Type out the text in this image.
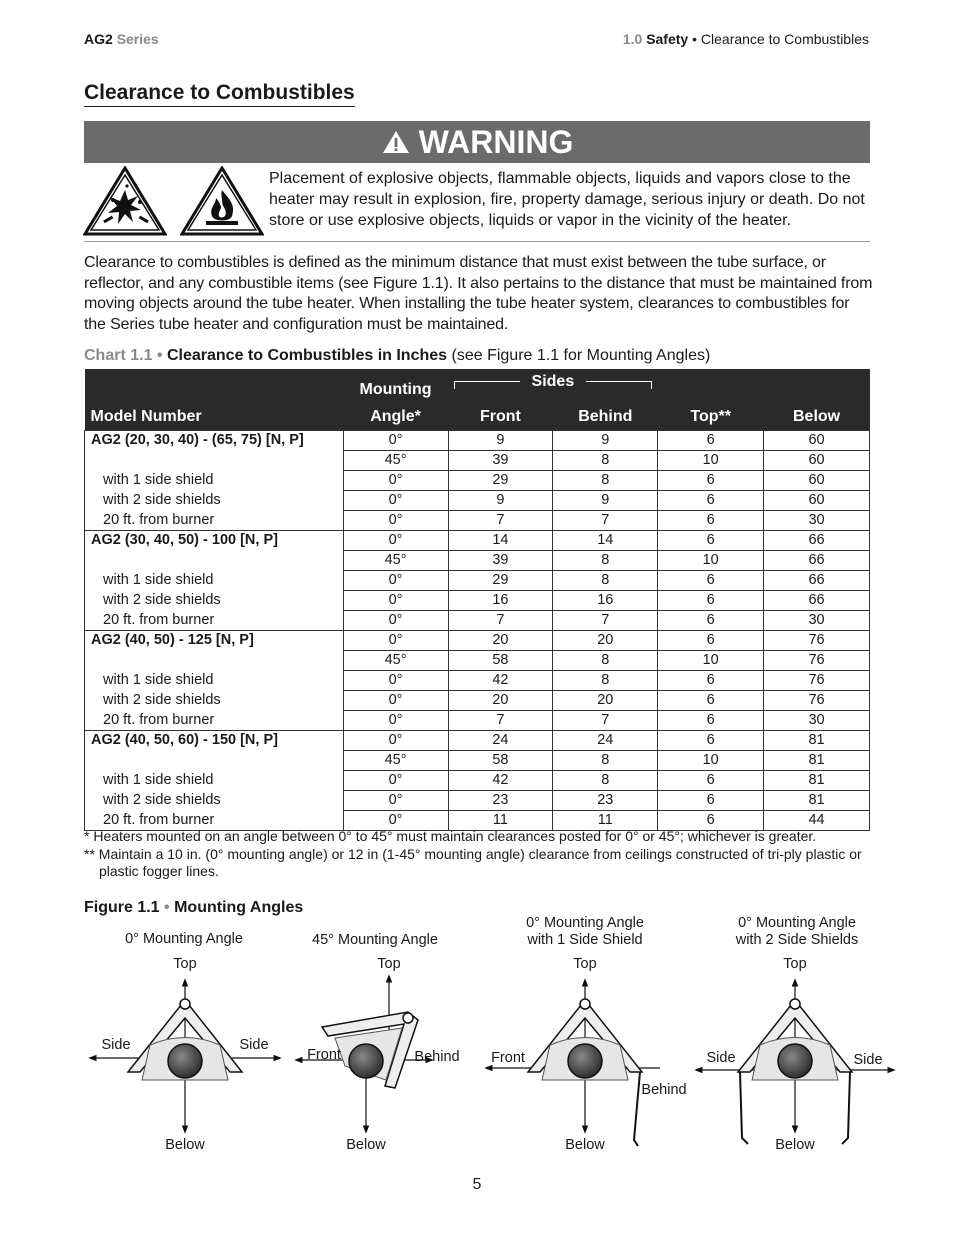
AG2 Series	1.0 Safety • Clearance to Combustibles
Clearance to Combustibles
WARNING
Placement of explosive objects, flammable objects, liquids and vapors close to the heater may result in explosion, fire, property damage, serious injury or death. Do not store or use explosive objects, liquids or vapor in the vicinity of the heater.
Clearance to combustibles is defined as the minimum distance that must exist between the tube surface, or reflector, and any combustible items (see Figure 1.1). It also pertains to the distance that must be maintained from moving objects around the tube heater. When installing the tube heater system, clearances to combustibles for the Series tube heater and configuration must be maintained.
Chart 1.1 • Clearance to Combustibles in Inches (see Figure 1.1 for Mounting Angles)
	Mounting	Sides			

Model Number	Angle*	Front	Behind	Top**	Below
AG2 (20, 30, 40) - (65, 75) [N, P]	0°	9	9	6	60
	45°	39	8	10	60
with 1 side shield	0°	29	8	6	60
with 2 side shields	0°	9	9	6	60
20 ft. from burner	0°	7	7	6	30
AG2 (30, 40, 50) - 100 [N, P]	0°	14	14	6	66
	45°	39	8	10	66
with 1 side shield	0°	29	8	6	66
with 2 side shields	0°	16	16	6	66
20 ft. from burner	0°	7	7	6	30
AG2 (40, 50) - 125 [N, P]	0°	20	20	6	76
	45°	58	8	10	76
with 1 side shield	0°	42	8	6	76
with 2 side shields	0°	20	20	6	76
20 ft. from burner	0°	7	7	6	30
AG2 (40, 50, 60) - 150 [N, P]	0°	24	24	6	81
	45°	58	8	10	81
with 1 side shield	0°	42	8	6	81
with 2 side shields	0°	23	23	6	81
20 ft. from burner	0°	11	11	6	44
* Heaters mounted on an angle between 0° to 45° must maintain clearances posted for 0° or 45°; whichever is greater.
** Maintain a 10 in. (0° mounting angle) or 12 in (1-45° mounting angle) clearance from ceilings constructed of tri-ply plastic or plastic fogger lines.
Figure 1.1 • Mounting Angles
0° Mounting Angle	45° Mounting Angle
0° Mounting Angle
with 1 Side Shield
0° Mounting Angle
with 2 Side Shields
Top
Side	Side
Below
Top
Front	Behind
Below
Top
Front
Behind
Below
Top
Side	Side
Below
5
